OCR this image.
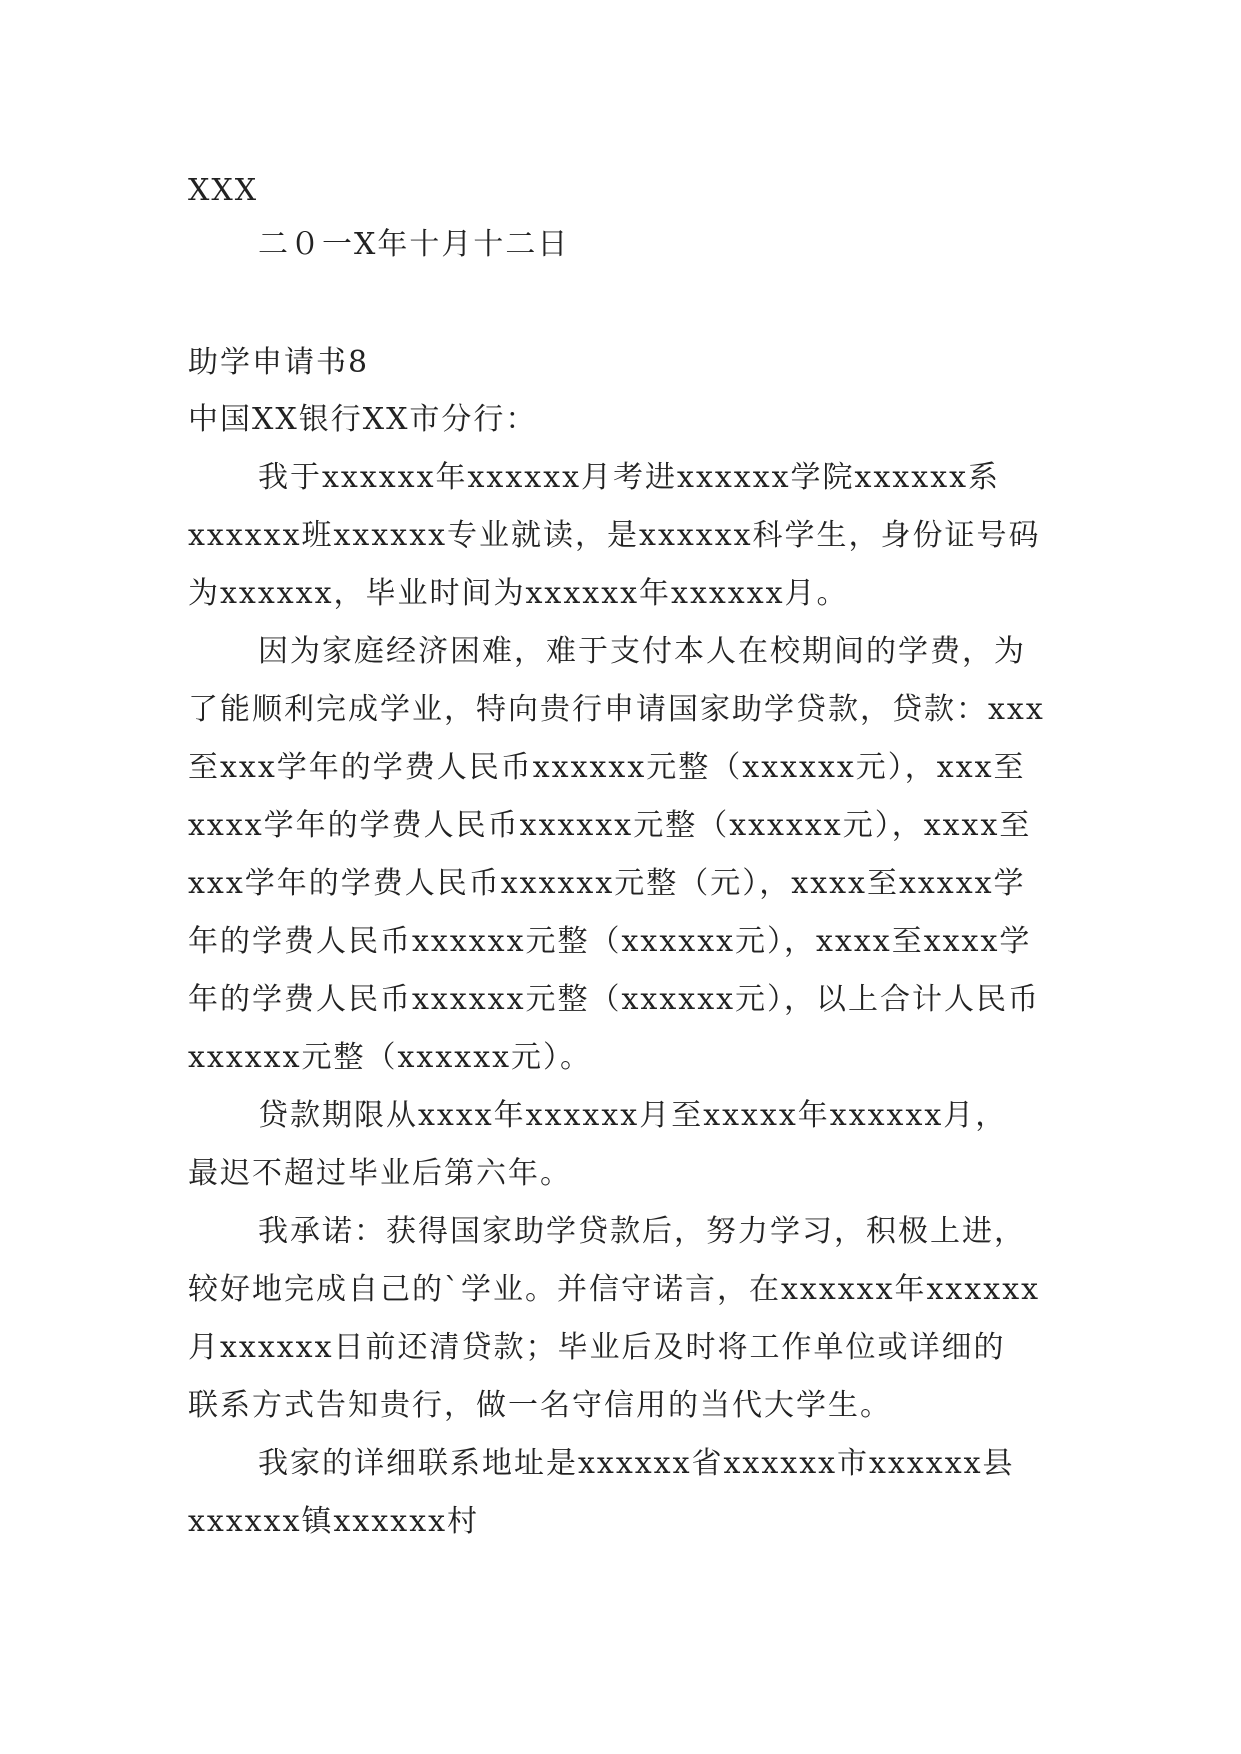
XXX
二０一X年十月十二日
助学申请书8
中国XX银行XX市分行：
我于xxxxxx年xxxxxx月考进xxxxxx学院xxxxxx系
xxxxxx班xxxxxx专业就读，是xxxxxx科学生，身份证号码
为xxxxxx，毕业时间为xxxxxx年xxxxxx月。
因为家庭经济困难，难于支付本人在校期间的学费，为
了能顺利完成学业，特向贵行申请国家助学贷款，贷款：xxx
至xxx学年的学费人民币xxxxxx元整（xxxxxx元），xxx至
xxxx学年的学费人民币xxxxxx元整（xxxxxx元），xxxx至
xxx学年的学费人民币xxxxxx元整（元），xxxx至xxxxx学
年的学费人民币xxxxxx元整（xxxxxx元），xxxx至xxxx学
年的学费人民币xxxxxx元整（xxxxxx元），以上合计人民币
xxxxxx元整（xxxxxx元）。
贷款期限从xxxx年xxxxxx月至xxxxx年xxxxxx月，
最迟不超过毕业后第六年。
我承诺：获得国家助学贷款后，努力学习，积极上进，
较好地完成自己的`学业。并信守诺言，在xxxxxx年xxxxxx
月xxxxxx日前还清贷款；毕业后及时将工作单位或详细的
联系方式告知贵行，做一名守信用的当代大学生。
我家的详细联系地址是xxxxxx省xxxxxx市xxxxxx县
xxxxxx镇xxxxxx村
